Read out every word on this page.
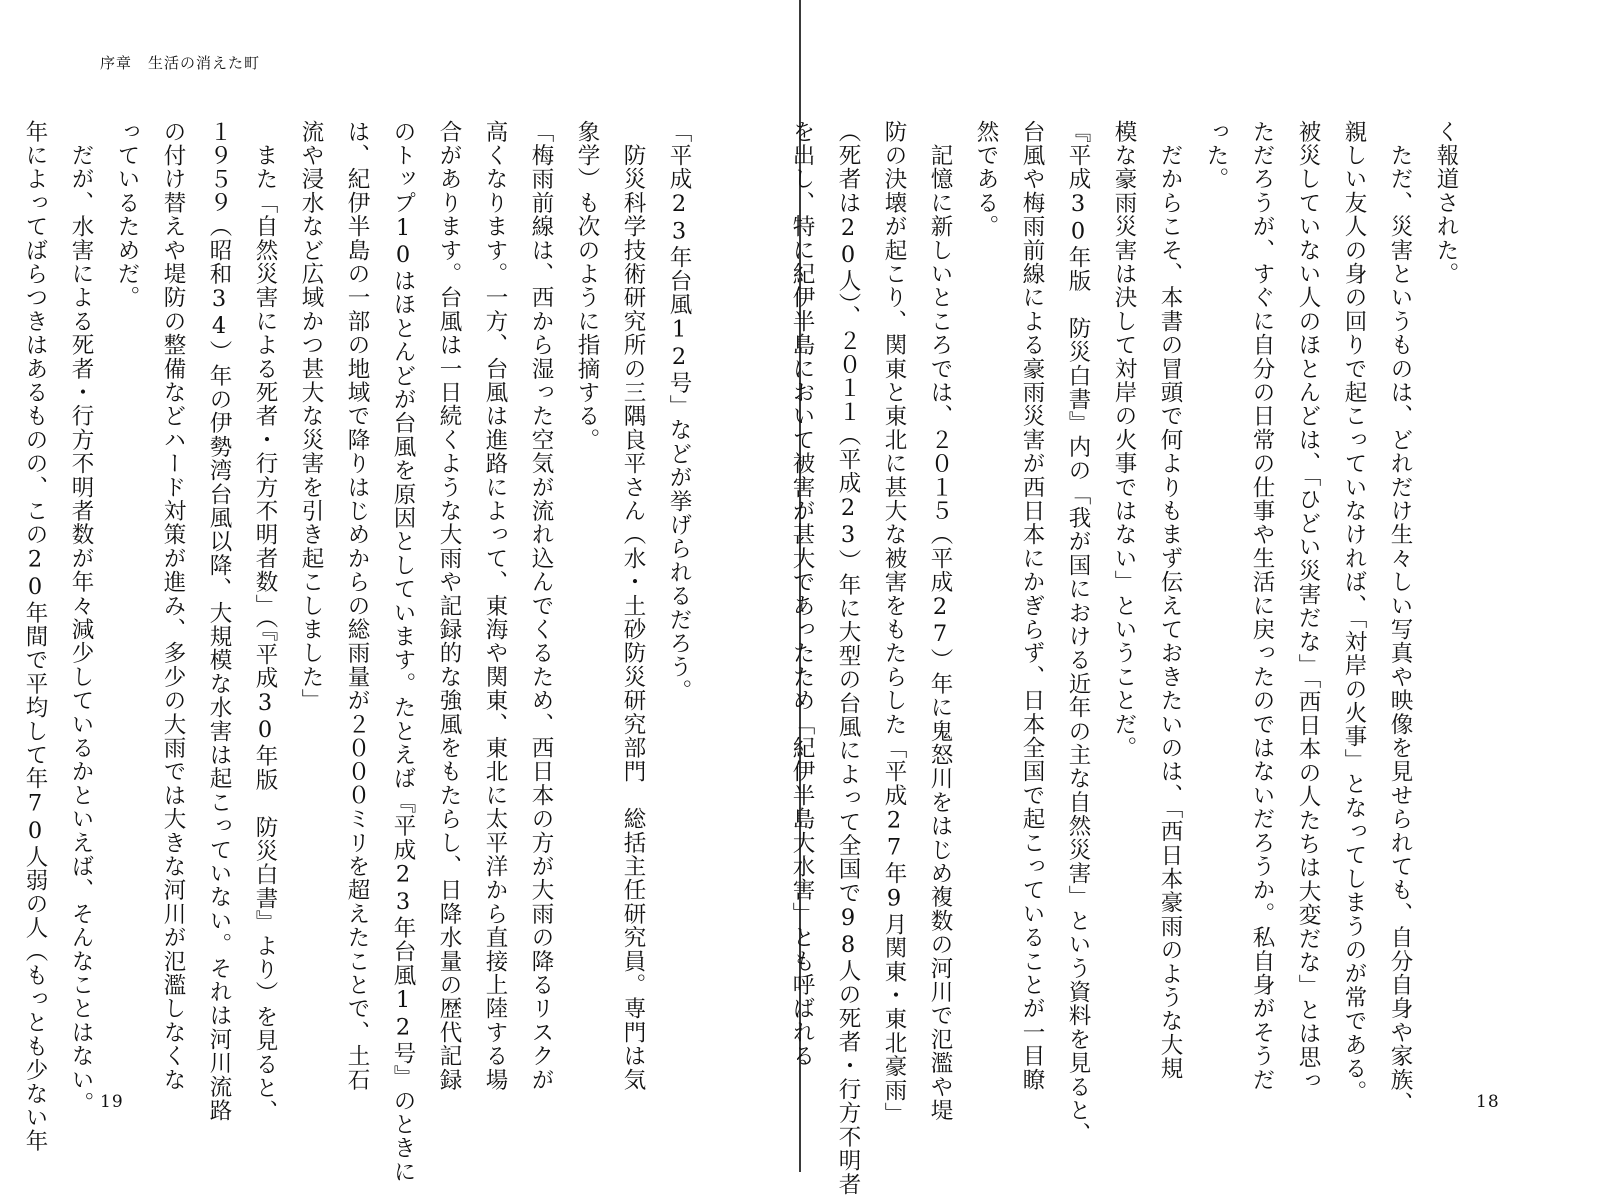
序章　生活の消えた町
「平成23年台風12号」などが挙げられるだろう。
　防災科学技術研究所の三隅良平さん（水・土砂防災研究部門　総括主任研究員。専門は気
象学）も次のように指摘する。
「梅雨前線は、西から湿った空気が流れ込んでくるため、西日本の方が大雨の降るリスクが
高くなります。一方、台風は進路によって、東海や関東、東北に太平洋から直接上陸する場
合があります。台風は一日続くような大雨や記録的な強風をもたらし、日降水量の歴代記録
のトップ10はほとんどが台風を原因としています。たとえば『平成23年台風12号』のときに
は、紀伊半島の一部の地域で降りはじめからの総雨量が２０００ミリを超えたことで、土石
流や浸水など広域かつ甚大な災害を引き起こしました」
　また「自然災害による死者・行方不明者数」（『平成30年版　防災白書』より）を見ると、
１９５９（昭和34）年の伊勢湾台風以降、大規模な水害は起こっていない。それは河川流路
の付け替えや堤防の整備などハード対策が進み、多少の大雨では大きな河川が氾濫しなくな
っているためだ。
　だが、水害による死者・行方不明者数が年々減少しているかといえば、そんなことはない。
年によってばらつきはあるものの、この20年間で平均して年70人弱の人（もっとも少ない年	19
く報道された。
　ただ、災害というものは、どれだけ生々しい写真や映像を見せられても、自分自身や家族、
親しい友人の身の回りで起こっていなければ、「対岸の火事」となってしまうのが常である。
被災していない人のほとんどは、「ひどい災害だな」「西日本の人たちは大変だな」とは思っ
ただろうが、すぐに自分の日常の仕事や生活に戻ったのではないだろうか。私自身がそうだ
った。
　だからこそ、本書の冒頭で何よりもまず伝えておきたいのは、「西日本豪雨のような大規
模な豪雨災害は決して対岸の火事ではない」ということだ。
『平成30年版　防災白書』内の「我が国における近年の主な自然災害」という資料を見ると、
台風や梅雨前線による豪雨災害が西日本にかぎらず、日本全国で起こっていることが一目瞭
然である。
　記憶に新しいところでは、２０１５（平成27）年に鬼怒川をはじめ複数の河川で氾濫や堤
防の決壊が起こり、関東と東北に甚大な被害をもたらした「平成27年9月関東・東北豪雨」
（死者は20人）、２０１１（平成23）年に大型の台風によって全国で98人の死者・行方不明者
を出し、特に紀伊半島において被害が甚大であったため「紀伊半島大水害」とも呼ばれる
18
